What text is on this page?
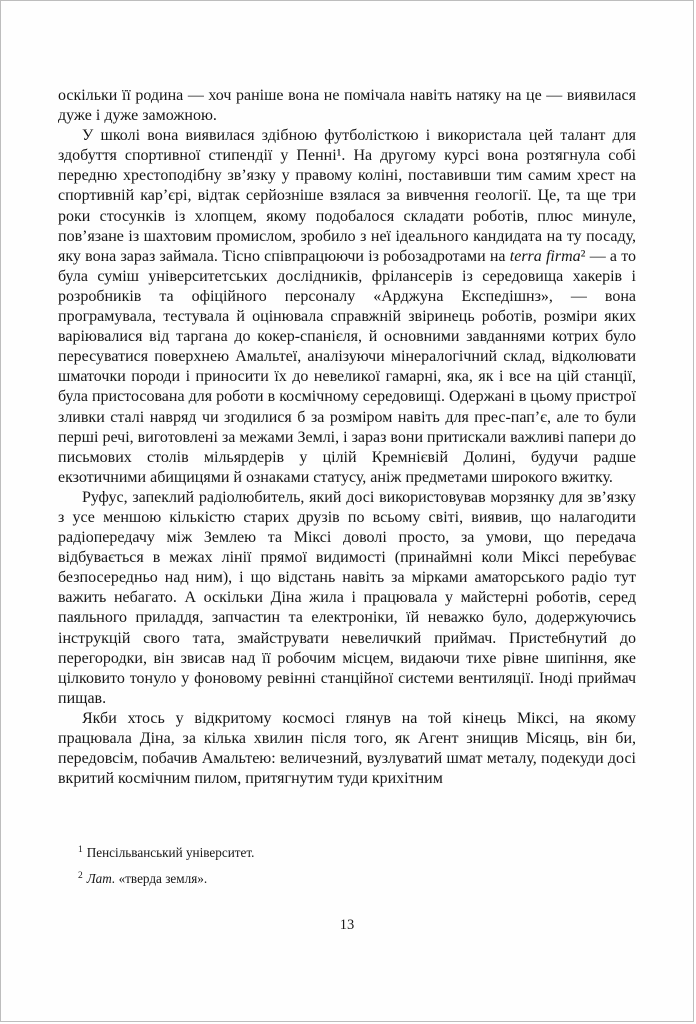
оскільки її родина — хоч раніше вона не помічала навіть натяку на це — виявилася дуже і дуже заможною.

У школі вона виявилася здібною футболісткою і використала цей талант для здобуття спортивної стипендії у Пенні¹. На другому курсі вона розтягнула собі передню хрестоподібну зв’язку у правому коліні, поставивши тим самим хрест на спортивній кар’єрі, відтак серйозніше взялася за вивчення геології. Це, та ще три роки стосунків із хлопцем, якому подобалося складати роботів, плюс минуле, пов’язане із шахтовим промислом, зробило з неї ідеального кандидата на ту посаду, яку вона зараз займала. Тісно співпрацюючи із робозадротами на terra firma² — а то була суміш університетських дослідників, фрілансерів із середовища хакерів і розробників та офіційного персоналу «Арджуна Експедішнз», — вона програмувала, тестувала й оцінювала справжній звіринець роботів, розміри яких варіювалися від таргана до кокер-спанієля, й основними завданнями котрих було пересуватися поверхнею Амальтеї, аналізуючи мінералогічний склад, відколювати шматочки породи і приносити їх до невеликої гамарні, яка, як і все на цій станції, була пристосована для роботи в космічному середовищі. Одержані в цьому пристрої зливки сталі навряд чи згодилися б за розміром навіть для прес-пап’є, але то були перші речі, виготовлені за межами Землі, і зараз вони притискали важливі папери до письмових столів мільярдерів у цілій Кремнієвій Долині, будучи радше екзотичними абищицями й ознаками статусу, аніж предметами широкого вжитку.

Руфус, запеклий радіолюбитель, який досі використовував морзянку для зв’язку з усе меншою кількістю старих друзів по всьому світі, виявив, що налагодити радіопередачу між Землею та Міксі доволі просто, за умови, що передача відбувається в межах лінії прямої видимості (принаймні коли Міксі перебуває безпосередньо над ним), і що відстань навіть за мірками аматорського радіо тут важить небагато. А оскільки Діна жила і працювала у майстерні роботів, серед паяльного приладдя, запчастин та електроніки, їй неважко було, додержуючись інструкцій свого тата, змайструвати невеличкий приймач. Пристебнутий до перегородки, він звисав над її робочим місцем, видаючи тихе рівне шипіння, яке цілковито тонуло у фоновому ревінні станційної системи вентиляції. Іноді приймач пищав.

Якби хтось у відкритому космосі глянув на той кінець Міксі, на якому працювала Діна, за кілька хвилин після того, як Агент знищив Місяць, він би, передовсім, побачив Амальтею: величезний, вузлуватий шмат металу, подекуди досі вкритий космічним пилом, притягнутим туди крихітним

$^1$ Пенсільванський університет.

$^2$ Лат. «тверда земля».

13
